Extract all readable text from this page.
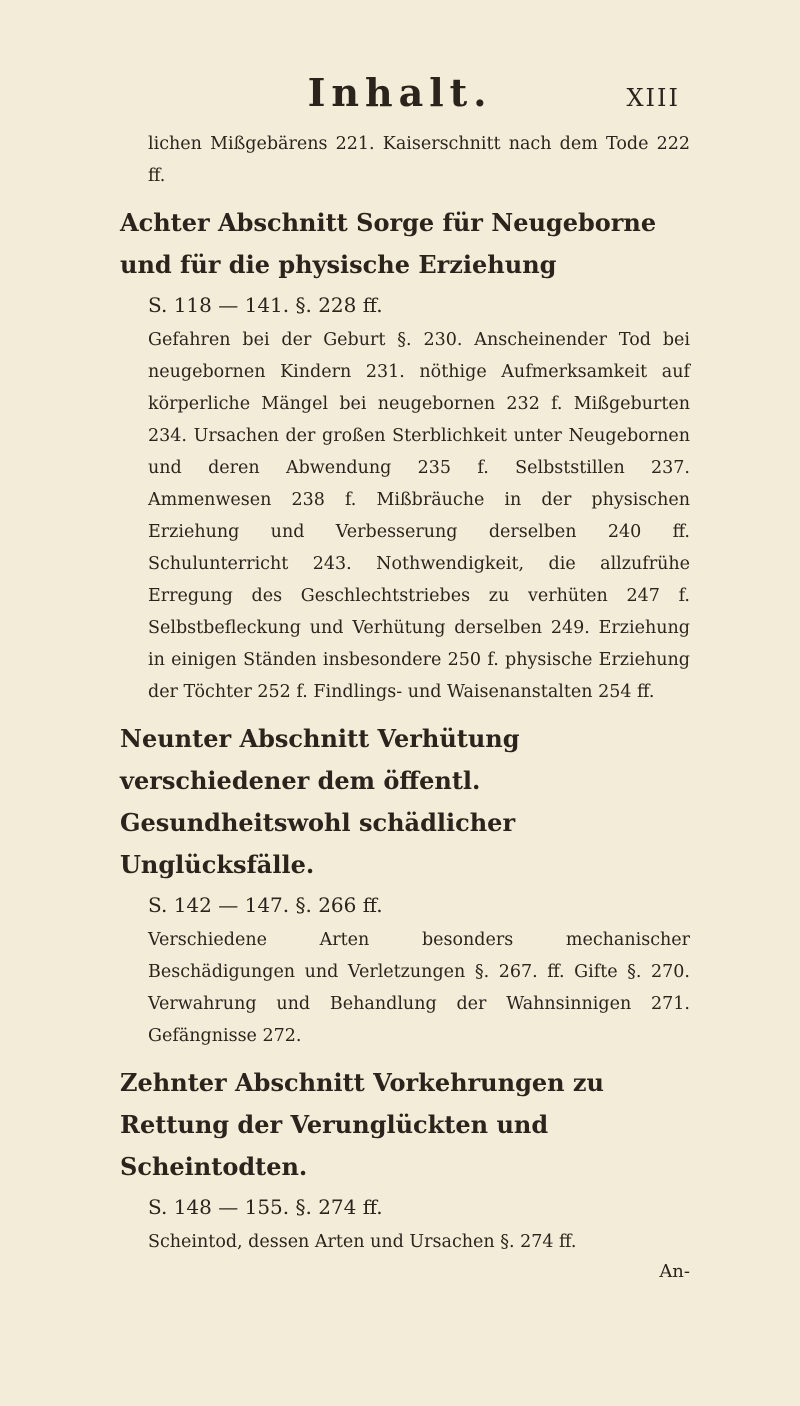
Inhalt.	XIII
lichen Mißgebärens 221. Kaiserschnitt nach dem Tode 222 ff.
Achter Abschnitt Sorge für Neugeborne und für die physische Erziehung
S. 118 — 141. §. 228 ff.
Gefahren bei der Geburt §. 230. Anscheinender Tod bei neugebornen Kindern 231. nöthige Aufmerksamkeit auf körperliche Mängel bei neugebornen 232 f. Mißgeburten 234. Ursachen der großen Sterblichkeit unter Neugebornen und deren Abwendung 235 f. Selbststillen 237. Ammenwesen 238 f. Mißbräuche in der physischen Erziehung und Verbesserung derselben 240 ff. Schulunterricht 243. Nothwendigkeit, die allzufrühe Erregung des Geschlechtstriebes zu verhüten 247 f. Selbstbefleckung und Verhütung derselben 249. Erziehung in einigen Ständen insbesondere 250 f. physische Erziehung der Töchter 252 f. Findlings- und Waisenanstalten 254 ff.
Neunter Abschnitt Verhütung verschiedener dem öffentl. Gesundheitswohl schädlicher Unglücksfälle.
S. 142 — 147. §. 266 ff.
Verschiedene Arten besonders mechanischer Beschädigungen und Verletzungen §. 267. ff. Gifte §. 270. Verwahrung und Behandlung der Wahnsinnigen 271. Gefängnisse 272.
Zehnter Abschnitt Vorkehrungen zu Rettung der Verunglückten und Scheintodten.
S. 148 — 155. §. 274 ff.
Scheintod, dessen Arten und Ursachen §. 274 ff.
An-
